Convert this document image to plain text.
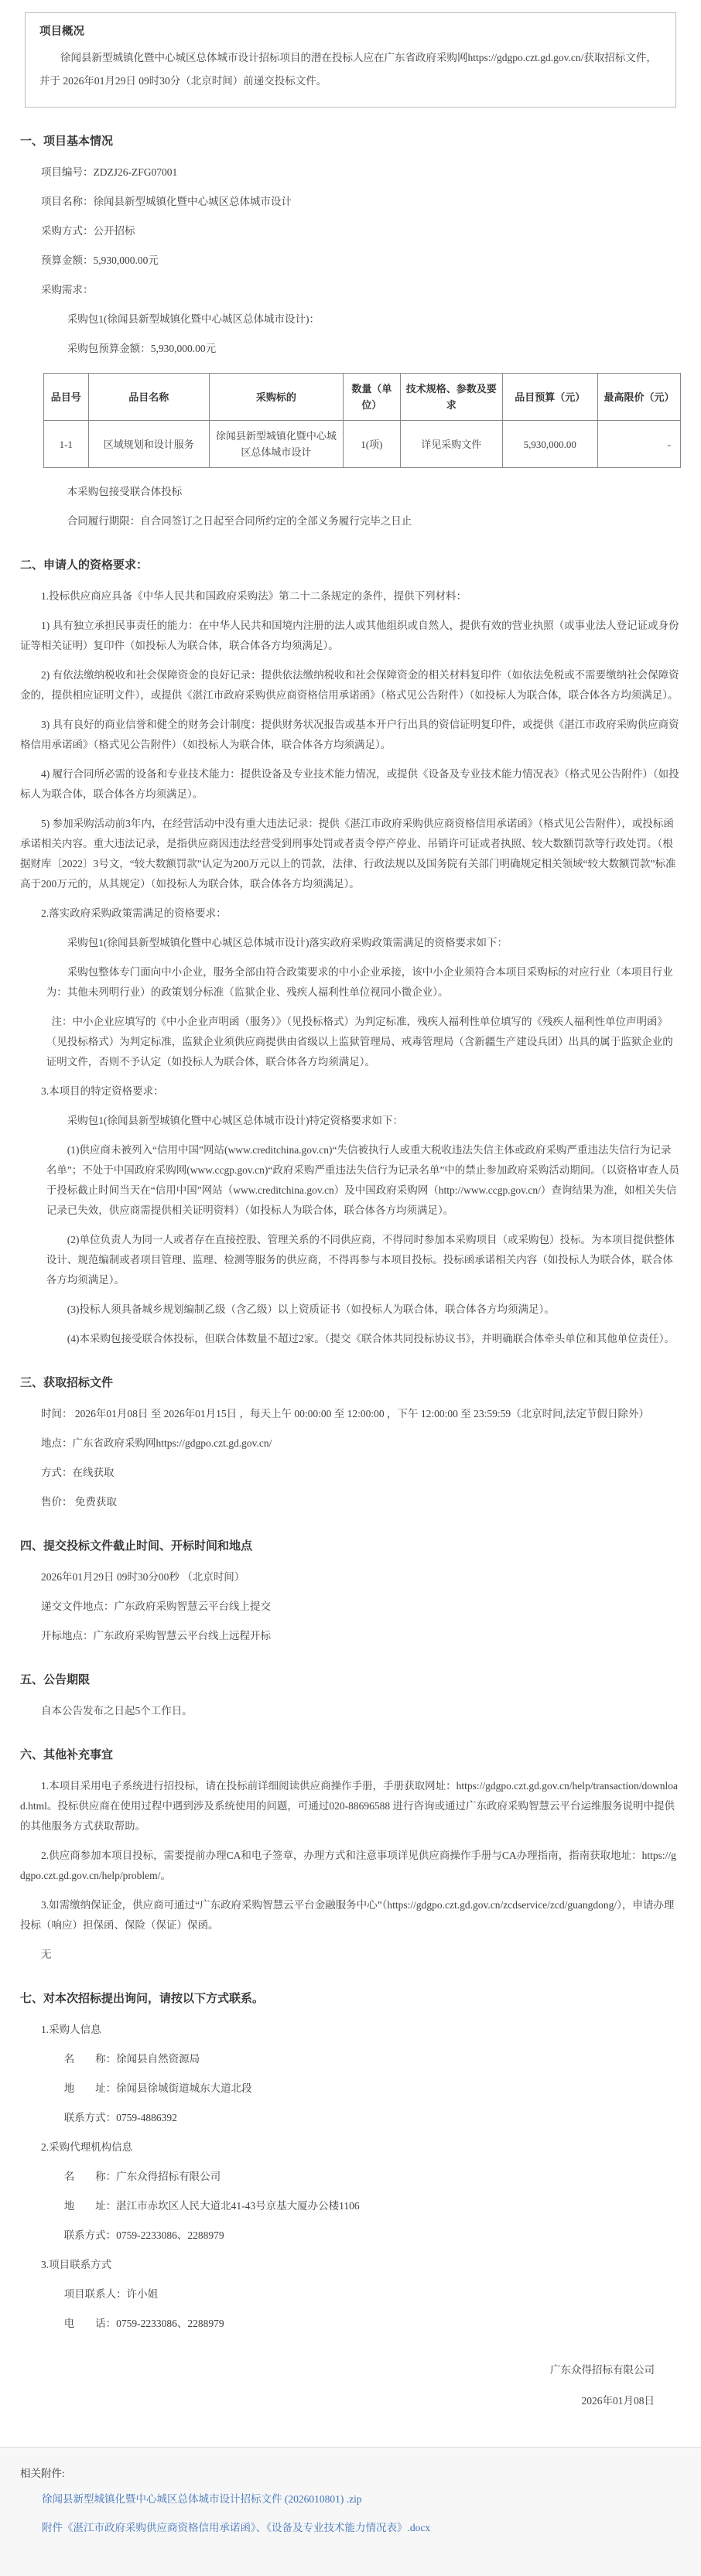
项目概况

徐闻县新型城镇化暨中心城区总体城市设计招标项目的潜在投标人应在广东省政府采购网https://gdgpo.czt.gd.gov.cn/获取招标文件，并于 2026年01月29日 09时30分（北京时间）前递交投标文件。

一、项目基本情况

项目编号：ZDZJ26-ZFG07001

项目名称：徐闻县新型城镇化暨中心城区总体城市设计

采购方式：公开招标

预算金额：5,930,000.00元

采购需求：

采购包1(徐闻县新型城镇化暨中心城区总体城市设计)：

采购包预算金额：5,930,000.00元

品目号	品目名称	采购标的	数量（单位）	技术规格、参数及要求	品目预算（元）	最高限价（元）
1-1	区域规划和设计服务	徐闻县新型城镇化暨中心城区总体城市设计	1(项)	详见采购文件	5,930,000.00	-

本采购包接受联合体投标

合同履行期限：自合同签订之日起至合同所约定的全部义务履行完毕之日止

二、申请人的资格要求：

1.投标供应商应具备《中华人民共和国政府采购法》第二十二条规定的条件，提供下列材料：

1) 具有独立承担民事责任的能力：在中华人民共和国境内注册的法人或其他组织或自然人，提供有效的营业执照（或事业法人登记证或身份证等相关证明）复印件（如投标人为联合体，联合体各方均须满足）。

2) 有依法缴纳税收和社会保障资金的良好记录：提供依法缴纳税收和社会保障资金的相关材料复印件（如依法免税或不需要缴纳社会保障资金的，提供相应证明文件），或提供《湛江市政府采购供应商资格信用承诺函》（格式见公告附件）（如投标人为联合体，联合体各方均须满足）。

3) 具有良好的商业信誉和健全的财务会计制度：提供财务状况报告或基本开户行出具的资信证明复印件，或提供《湛江市政府采购供应商资格信用承诺函》（格式见公告附件）（如投标人为联合体，联合体各方均须满足）。

4) 履行合同所必需的设备和专业技术能力：提供设备及专业技术能力情况，或提供《设备及专业技术能力情况表》（格式见公告附件）（如投标人为联合体，联合体各方均须满足）。

5) 参加采购活动前3年内，在经营活动中没有重大违法记录：提供《湛江市政府采购供应商资格信用承诺函》（格式见公告附件），或投标函承诺相关内容。重大违法记录，是指供应商因违法经营受到刑事处罚或者责令停产停业、吊销许可证或者执照、较大数额罚款等行政处罚。（根据财库〔2022〕3号文，“较大数额罚款”认定为200万元以上的罚款，法律、行政法规以及国务院有关部门明确规定相关领域“较大数额罚款”标准高于200万元的，从其规定）（如投标人为联合体，联合体各方均须满足）。

2.落实政府采购政策需满足的资格要求：

采购包1(徐闻县新型城镇化暨中心城区总体城市设计)落实政府采购政策需满足的资格要求如下：

采购包整体专门面向中小企业，服务全部由符合政策要求的中小企业承接，该中小企业须符合本项目采购标的对应行业（本项目行业为：其他未列明行业）的政策划分标准（监狱企业、残疾人福利性单位视同小微企业）。

注：中小企业应填写的《中小企业声明函（服务）》（见投标格式）为判定标准，残疾人福利性单位填写的《残疾人福利性单位声明函》（见投标格式）为判定标准，监狱企业须供应商提供由省级以上监狱管理局、戒毒管理局（含新疆生产建设兵团）出具的属于监狱企业的证明文件，否则不予认定（如投标人为联合体，联合体各方均须满足）。

3.本项目的特定资格要求：

采购包1(徐闻县新型城镇化暨中心城区总体城市设计)特定资格要求如下：

(1)供应商未被列入“信用中国”网站(www.creditchina.gov.cn)“失信被执行人或重大税收违法失信主体或政府采购严重违法失信行为记录名单”；不处于中国政府采购网(www.ccgp.gov.cn)“政府采购严重违法失信行为记录名单”中的禁止参加政府采购活动期间。（以资格审查人员于投标截止时间当天在“信用中国”网站（www.creditchina.gov.cn）及中国政府采购网（http://www.ccgp.gov.cn/）查询结果为准，如相关失信记录已失效，供应商需提供相关证明资料）（如投标人为联合体，联合体各方均须满足）。

(2)单位负责人为同一人或者存在直接控股、管理关系的不同供应商，不得同时参加本采购项目（或采购包）投标。为本项目提供整体设计、规范编制或者项目管理、监理、检测等服务的供应商，不得再参与本项目投标。投标函承诺相关内容（如投标人为联合体，联合体各方均须满足）。

(3)投标人须具备城乡规划编制乙级（含乙级）以上资质证书（如投标人为联合体，联合体各方均须满足）。

(4)本采购包接受联合体投标，但联合体数量不超过2家。（提交《联合体共同投标协议书》，并明确联合体牵头单位和其他单位责任）。

三、获取招标文件

时间： 2026年01月08日 至 2026年01月15日 ，每天上午 00:00:00 至 12:00:00 ，下午 12:00:00 至 23:59:59（北京时间,法定节假日除外）

地点：广东省政府采购网https://gdgpo.czt.gd.gov.cn/

方式：在线获取

售价： 免费获取

四、提交投标文件截止时间、开标时间和地点

2026年01月29日 09时30分00秒 （北京时间）

递交文件地点：广东政府采购智慧云平台线上提交

开标地点：广东政府采购智慧云平台线上远程开标

五、公告期限

自本公告发布之日起5个工作日。

六、其他补充事宜

1.本项目采用电子系统进行招投标，请在投标前详细阅读供应商操作手册，手册获取网址：https://gdgpo.czt.gd.gov.cn/help/transaction/download.html。投标供应商在使用过程中遇到涉及系统使用的问题，可通过020-88696588 进行咨询或通过广东政府采购智慧云平台运维服务说明中提供的其他服务方式获取帮助。

2.供应商参加本项目投标，需要提前办理CA和电子签章，办理方式和注意事项详见供应商操作手册与CA办理指南，指南获取地址：https://gdgpo.czt.gd.gov.cn/help/problem/。

3.如需缴纳保证金，供应商可通过“广东政府采购智慧云平台金融服务中心”（https://gdgpo.czt.gd.gov.cn/zcdservice/zcd/guangdong/），申请办理投标（响应）担保函、保险（保证）保函。

无

七、对本次招标提出询问，请按以下方式联系。

1.采购人信息

名　　称：徐闻县自然资源局

地　　址：徐闻县徐城街道城东大道北段

联系方式：0759-4886392

2.采购代理机构信息

名　　称：广东众得招标有限公司

地　　址：湛江市赤坎区人民大道北41-43号京基大厦办公楼1106

联系方式：0759-2233086、2288979

3.项目联系方式

项目联系人：许小姐

电　　话：0759-2233086、2288979

广东众得招标有限公司

2026年01月08日

相关附件:

徐闻县新型城镇化暨中心城区总体城市设计招标文件 (2026010801) .zip
附件《湛江市政府采购供应商资格信用承诺函》、《设备及专业技术能力情况表》.docx
